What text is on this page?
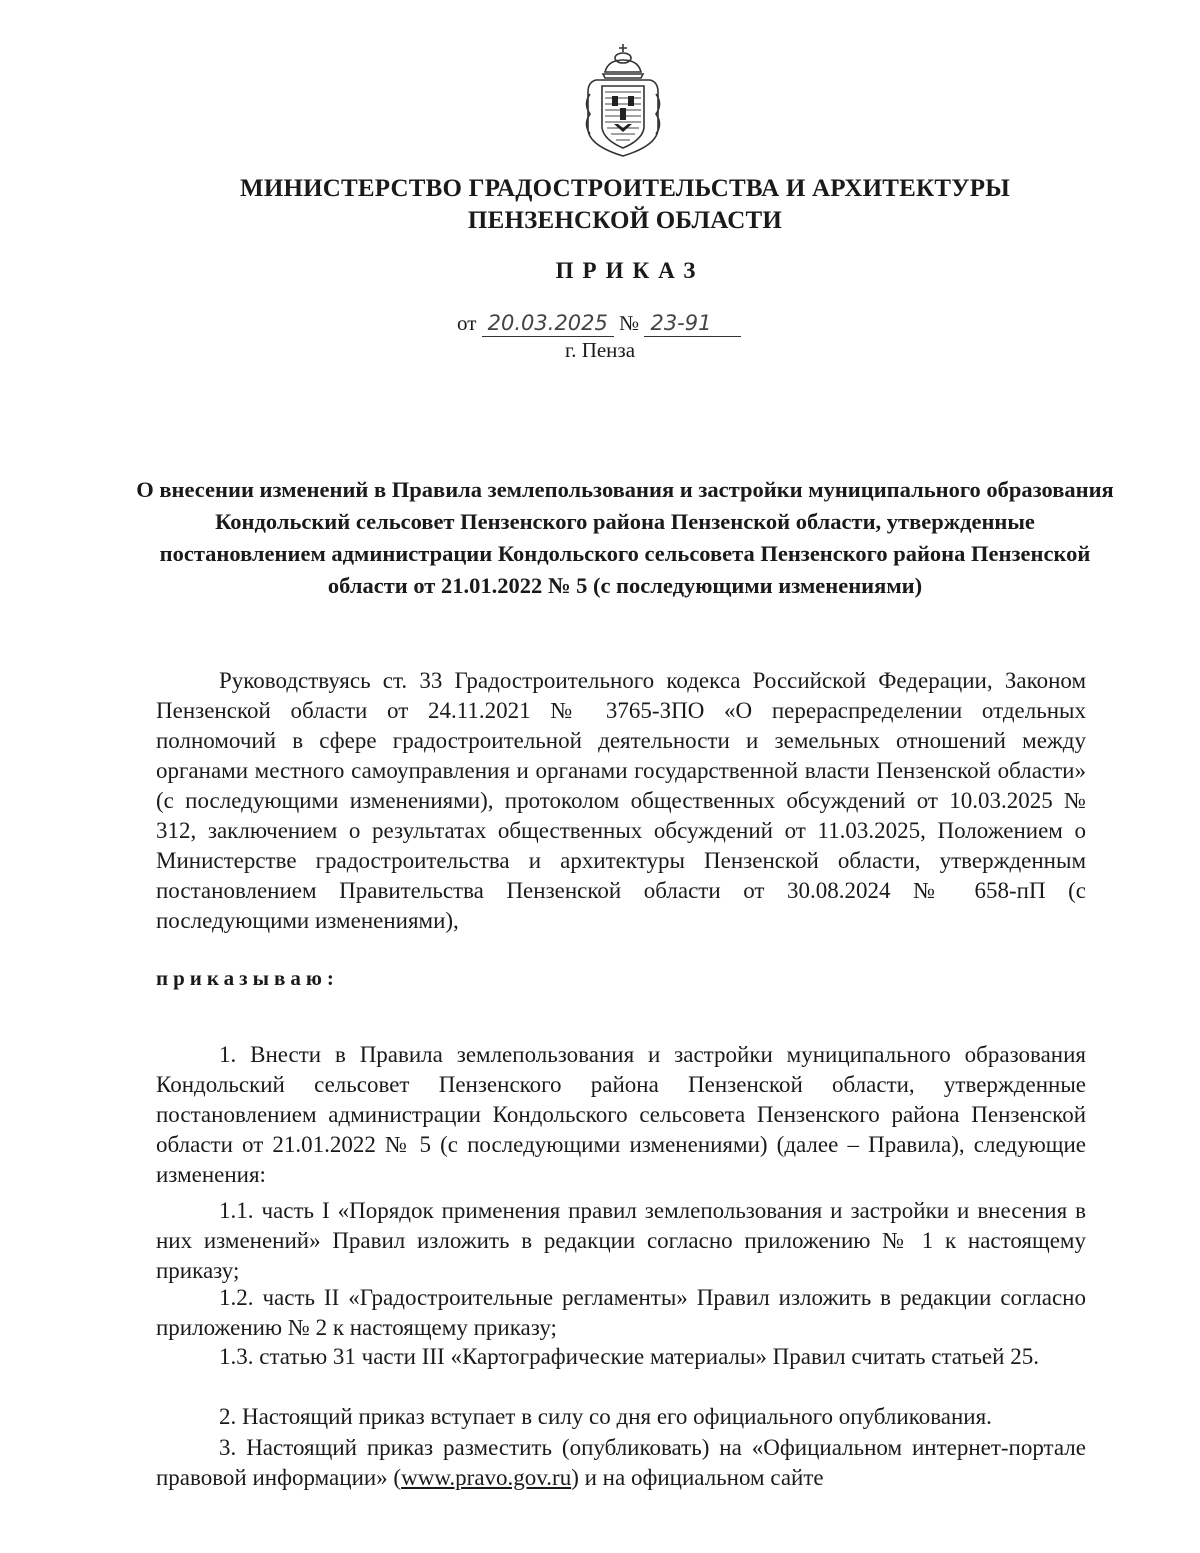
МИНИСТЕРСТВО ГРАДОСТРОИТЕЛЬСТВА И АРХИТЕКТУРЫ
ПЕНЗЕНСКОЙ ОБЛАСТИ
ПРИКАЗ
от 20.03.2025 № 23-91
г. Пенза
О внесении изменений в Правила землепользования и застройки муниципального образования Кондольский сельсовет Пензенского района Пензенской области, утвержденные постановлением администрации Кондольского сельсовета Пензенского района Пензенской области от 21.01.2022 № 5 (с последующими изменениями)
Руководствуясь ст. 33 Градостроительного кодекса Российской Федерации, Законом Пензенской области от 24.11.2021 № 3765-ЗПО «О перераспределении отдельных полномочий в сфере градостроительной деятельности и земельных отношений между органами местного самоуправления и органами государственной власти Пензенской области» (с последующими изменениями), протоколом общественных обсуждений от 10.03.2025 № 312, заключением о результатах общественных обсуждений от 11.03.2025, Положением о Министерстве градостроительства и архитектуры Пензенской области, утвержденным постановлением Правительства Пензенской области от 30.08.2024 № 658-пП (с последующими изменениями),
приказываю:
1. Внести в Правила землепользования и застройки муниципального образования Кондольский сельсовет Пензенского района Пензенской области, утвержденные постановлением администрации Кондольского сельсовета Пензенского района Пензенской области от 21.01.2022 № 5 (с последующими изменениями) (далее – Правила), следующие изменения:
1.1. часть I «Порядок применения правил землепользования и застройки и внесения в них изменений» Правил изложить в редакции согласно приложению № 1 к настоящему приказу;
1.2. часть II «Градостроительные регламенты» Правил изложить в редакции согласно приложению № 2 к настоящему приказу;
1.3. статью 31 части III «Картографические материалы» Правил считать статьей 25.
2. Настоящий приказ вступает в силу со дня его официального опубликования.
3. Настоящий приказ разместить (опубликовать) на «Официальном интернет-портале правовой информации» (www.pravo.gov.ru) и на официальном сайте
